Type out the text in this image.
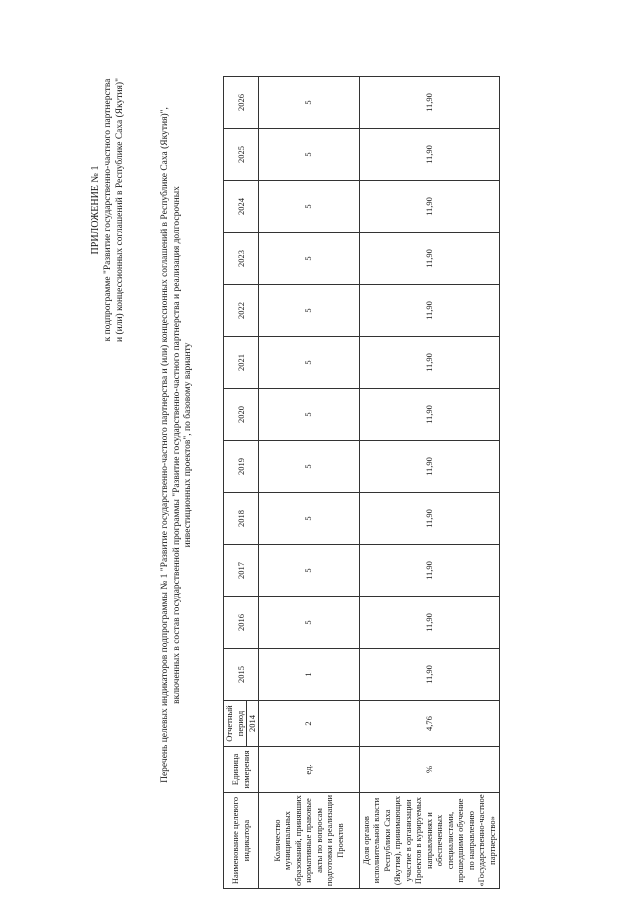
ПРИЛОЖЕНИЕ № 1 к подпрограмме "Развитие государственно-частного партнерства и (или) концессионных соглашений в Республике Саха (Якутия)"	Перечень целевых индикаторов подпрограммы № 1 "Развитие государственно-частного партнерства и (или) концессионных соглашений в Республике Саха (Якутия)", включенных в состав государственной программы "Развитие государственно-частного партнерства и реализация долгосрочных инвестиционных проектов", по базовому варианту
Наименование целевого индикатора	Единица измерения	Отчетный период 2014	2015	2016	2017	2018	2019	2020	2021	2022	2023	2024	2025	2026
Количество муниципальных образований, принявших нормативные правовые акты по вопросам подготовки и реализации Проектов	ед.	2	1	5	5	5	5	5	5	5	5	5	5	5
Доля органов исполнительной власти Республики Саха (Якутия), принимающих участие в организации Проектов в курируемых направлениях и обеспеченных специалистами, прошедшими обучение по направлению «Государственно-частное партнерство»	%	4,76	11,90	11,90	11,90	11,90	11,90	11,90	11,90	11,90	11,90	11,90	11,90	11,90
